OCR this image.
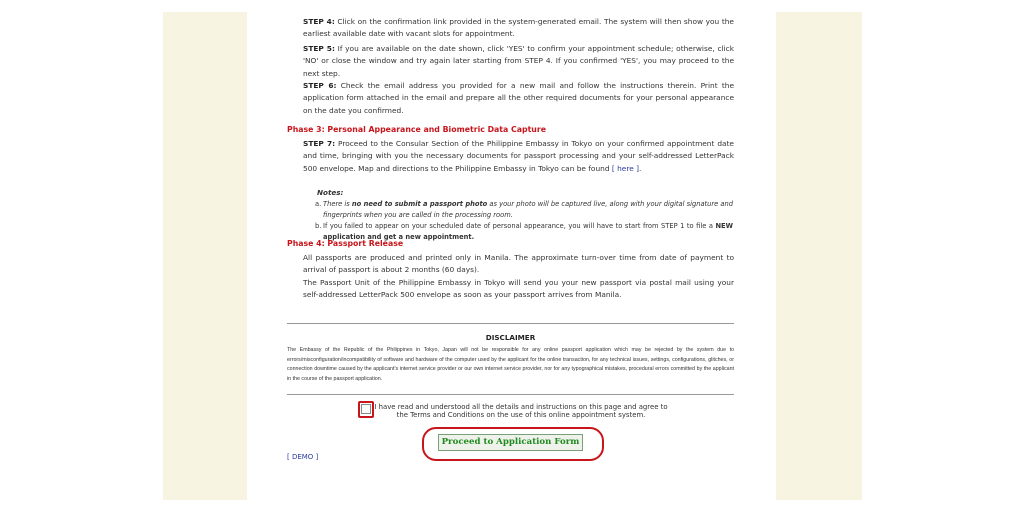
STEP 4: Click on the confirmation link provided in the system-generated email. The system will then show you the earliest available date with vacant slots for appointment.
STEP 5: If you are available on the date shown, click 'YES' to confirm your appointment schedule; otherwise, click 'NO' or close the window and try again later starting from STEP 4. If you confirmed 'YES', you may proceed to the next step.
STEP 6: Check the email address you provided for a new mail and follow the instructions therein. Print the application form attached in the email and prepare all the other required documents for your personal appearance on the date you confirmed.
Phase 3: Personal Appearance and Biometric Data Capture
STEP 7: Proceed to the Consular Section of the Philippine Embassy in Tokyo on your confirmed appointment date and time, bringing with you the necessary documents for passport processing and your self-addressed LetterPack 500 envelope. Map and directions to the Philippine Embassy in Tokyo can be found [ here ].
Notes:
a. There is no need to submit a passport photo as your photo will be captured live, along with your digital signature and fingerprints when you are called in the processing room.
b. If you failed to appear on your scheduled date of personal appearance, you will have to start from STEP 1 to file a NEW application and get a new appointment.
Phase 4: Passport Release
All passports are produced and printed only in Manila. The approximate turn-over time from date of payment to arrival of passport is about 2 months (60 days).
The Passport Unit of the Philippine Embassy in Tokyo will send you your new passport via postal mail using your self-addressed LetterPack 500 envelope as soon as your passport arrives from Manila.
DISCLAIMER
The Embassy of the Republic of the Philippines in Tokyo, Japan will not be responsible for any online passport application which may be rejected by the system due to errors/misconfiguration/incompatibility of software and hardware of the computer used by the applicant for the online transaction, for any technical issues, settings, configurations, glitches, or connection downtime caused by the applicant's internet service provider or our own internet service provider, nor for any typographical mistakes, procedural errors committed by the applicant in the course of the passport application.
I have read and understood all the details and instructions on this page and agree to the Terms and Conditions on the use of this online appointment system.
Proceed to Application Form
[ DEMO ]
